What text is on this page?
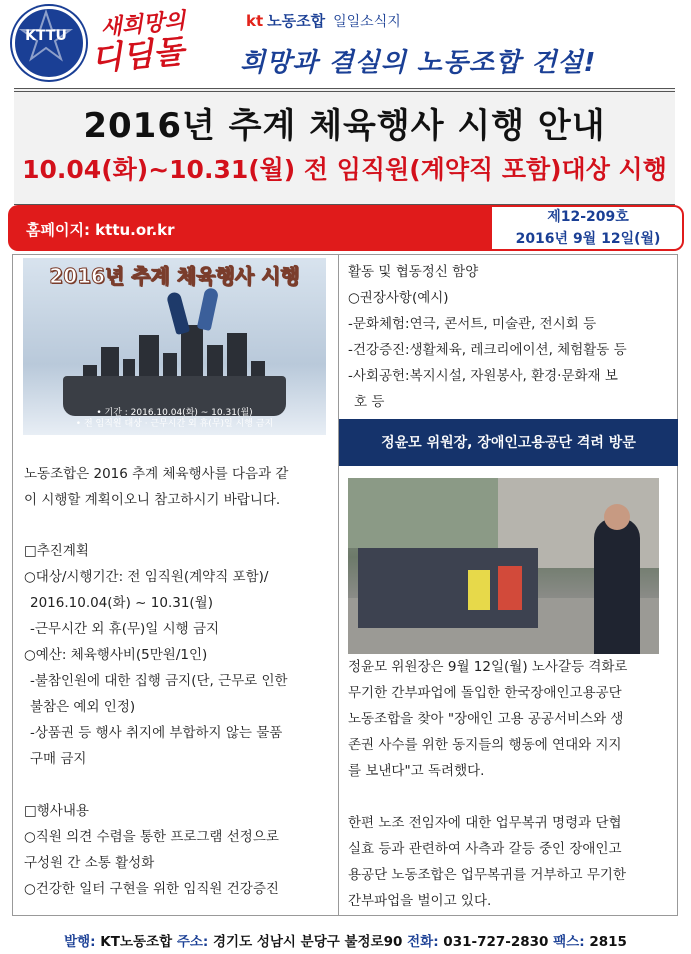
KTTU	새희망의
디딤돌
kt 노동조합 일일소식지
희망과 결실의 노동조합 건설!
2016년 추계 체육행사 시행 안내
10.04(화)~10.31(월) 전 임직원(계약직 포함)대상 시행
홈페이지: kttu.or.kr
제12-209호
2016년 9월 12일(월)
2016년 추계 체육행사 시행
• 기간 : 2016.10.04(화) ~ 10.31(월)
• 전 임직원 대상 · 근무시간 외 휴(무)일 시행 금지
노동조합은 2016 추계 체육행사를 다음과 같
이 시행할 계획이오니 참고하시기 바랍니다.
□추진계획
○대상/시행기간: 전 임직원(계약직 포함)/
2016.10.04(화) ~ 10.31(월)
-근무시간 외 휴(무)일 시행 금지
○예산: 체육행사비(5만원/1인)
-불참인원에 대한 집행 금지(단, 근무로 인한
불참은 예외 인정)
-상품권 등 행사 취지에 부합하지 않는 물품
구매 금지
□행사내용
○직원 의견 수렴을 통한 프로그램 선정으로
구성원 간 소통 활성화
○건강한 일터 구현을 위한 임직원 건강증진
활동 및 협동정신 함양
○권장사항(예시)
-문화체험:연극, 콘서트, 미술관, 전시회 등
-건강증진:생활체육, 레크리에이션, 체험활동 등
-사회공헌:복지시설, 자원봉사, 환경·문화재 보
호 등
정윤모 위원장, 장애인고용공단 격려 방문
정윤모 위원장은 9월 12일(월) 노사갈등 격화로
무기한 간부파업에 돌입한 한국장애인고용공단
노동조합을 찾아 "장애인 고용 공공서비스와 생
존권 사수를 위한 동지들의 행동에 연대와 지지
를 보낸다"고 독려했다.
한편 노조 전임자에 대한 업무복귀 명령과 단협
실효 등과 관련하여 사측과 갈등 중인 장애인고
용공단 노동조합은 업무복귀를 거부하고 무기한
간부파업을 벌이고 있다.
발행: KT노동조합 주소: 경기도 성남시 분당구 불정로90 전화: 031-727-2830 팩스: 2815
